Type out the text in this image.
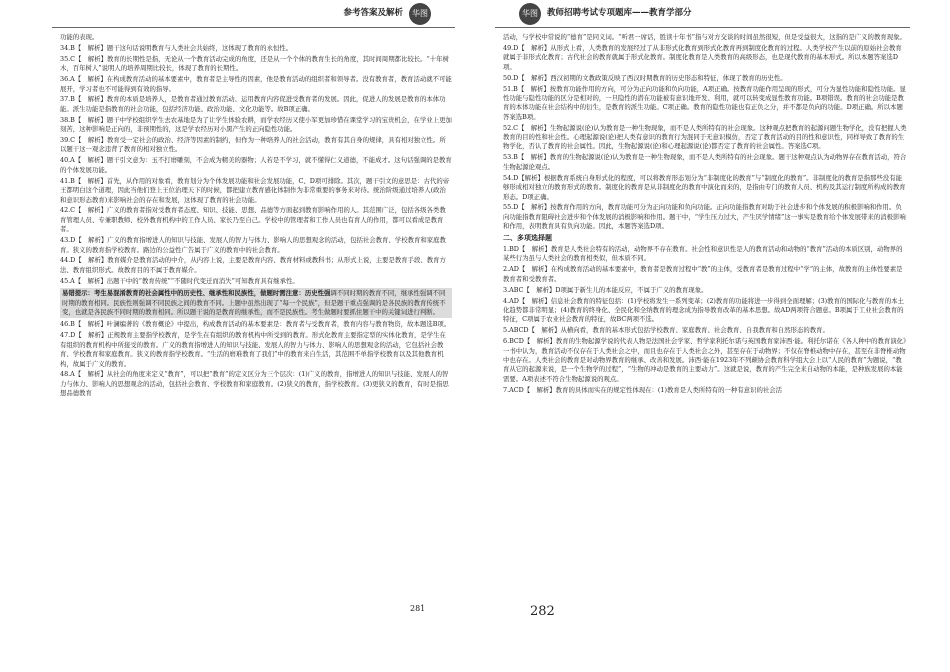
参考答案及解析	华图

功能的表现。

34.B【　解析】题干这句话说明教育与人类社会共始终，这体现了教育的永恒性。

35.C【　解析】教育的长期性是指，无论从一个教育活动完成的角度，还是从一个个体的教育生长的角度，其时间周期都比较长。“十年树木，百年树人”说明人的培养周期比较长，体现了教育的长期性。

36.A【　解析】在构成教育活动的基本要素中，教育者是主导性的因素，他是教育活动的组织者和领导者。没有教育者，教育活动就不可能展开，学习者也不可能得到有效的指导。

37.B【　解析】教育的本质是培养人，是教育者通过教育活动、运用教育内容促进受教育者的发展。因此，促进人的发展是教育的本体功能。派生功能是指教育的社会功能，包括经济功能、政治功能、文化功能等。故B项正确。

38.B【　解析】题干中学校组织学生去农基地是为了让学生体验农耕，而学农经历又使小军更加珍惜在课堂学习的宝贵机会，在学业上更加刻苦，这种影响是正向的，非预期性的，这是学农经历对小黑产生的正向隐性功能。

39.C【　解析】教育受一定社会的政治、经济等因素的制约，但作为一种培养人的社会活动，教育有其自身的规律，具有相对独立性。所以题干这一观念违背了教育的相对独立性。

40.A【　解析】题干引文意为：玉不打磨雕刻，不会成为精美的器物；人若是不学习，就不懂得仁义道德，不能成才。这句话强调的是教育的个体发展功能。

41.B【　解析】首先，从作用的对象看，教育划分为个体发展功能和社会发展功能，C、D项可排除。其次，题干引文的意思是：古代的帝王都明白这个道理，因此当他们登上王位治理天下的时候，都把建立教育感化体制作为非常重要的事务来对待。统治阶级通过培养人(政治和意识形态教育)来影响社会的存在和发展，这体现了教育的社会功能。

42.C【　解析】广义的教育者指对受教育者态度、知识、技能、思想、品德等方面起到教育影响作用的人。其范围广泛，包括各级各类教育管理人员、专兼职教师、校外教育机构中的工作人员、家长乃至自己。学校中的管理者和工作人员也有育人的作用，都可以看成是教育者。

43.D【　解析】广义的教育指增进人的知识与技能、发展人的智力与体力、影响人的思想观念的活动，包括社会教育、学校教育和家庭教育。狭义的教育指学校教育。路边的公益性广告属于广义的教育中的社会教育。

44.D【　解析】教育媒介是教育活动的中介，从内容上说，主要是教育内容、教育材料或教科书；从形式上说，主要是教育手段、教育方法、教育组织形式。故教育目的不属于教育媒介。

45.A【　解析】出题干中的“教育传统”“不随时代变迁而消失”可知教育具有继承性。

易错提示：考生易混淆教育的社会属性中的历史性、继承性和民族性，做题时需注意：历史性强调不同时期的教育不同，继承性强调不同时期的教育相同。民族性则强调不同民族之间的教育不同。上题中虽然出现了“每一个民族”，但是题干重点强调的是各民族的教育传统不变，也就是各民族不同时期的教育相同。所以题干说的是教育的继承性，而不是民族性。考生做题时要抓住题干中的关键词进行判断。

46.B【　解析】叶澜编著的《教育概论》中提出，构成教育活动的基本要素是：教育者与受教育者，教育内容与教育物资，故本题选B项。

47.D【　解析】正规教育主要指学校教育，是学生在有组织的教育机构中所受到的教育。形式化教育主要指定型的实体化教育，是学生在有组织的教育机构中所接受的教育。广义的教育指增进人的知识与技能、发展人的智力与体力、影响人的思想观念的活动，它包括社会教育、学校教育和家庭教育。狭义的教育指学校教育。“生活的磨难教育了我们”中的教育来自生活，其范围不单指学校教育以及其他教育机构，故属于广义的教育。

48.A【　解析】从社会的角度来定义“教育”，可以把“教育”的定义区分为三个层次：(1)广义的教育，指增进人的知识与技能、发展人的智力与体力、影响人的思想观念的活动，包括社会教育、学校教育和家庭教育。(2)狭义的教育，指学校教育。(3)更狭义的教育，有时是指思想品德教育

281
华图	教师招聘考试专项题库——教育学部分

活动，与学校中常说的“德育”是同义词。“听君一席话，胜读十年书”指与对方交谈的时间虽然很短，但是受益很大，这指的是广义的教育现象。

49.D【　解析】从形式上看，人类教育的发展经过了从非形式化教育到形式化教育再到制度化教育的过程。人类学校产生以前的原始社会教育就属于非形式化教育；古代社会的教育就属于形式化教育。制度化教育是人类教育的高级形态，也是现代教育的基本形式。所以本题答案选D项。

50.D【　解析】西汉初期的文教政策反映了西汉时期教育的历史形态和特征，体现了教育的历史性。

51.B【　解析】按教育功能作用的方向，可分为正向功能和负向功能，A项正确。按教育功能作用呈现的形式，可分为显性功能和隐性功能。显性功能与隐性功能的区分是相对的，一旦隐性的潜在功能被有意识地开发、利用，就可以转变成显性教育功能。B项错误。教育的社会功能是教育的本体功能在社会结构中的衍生，是教育的派生功能。C项正确。教育的隐性功能也有正负之分，并不都是负向的功能。D项正确。所以本题答案选B项。

52.C【　解析】生物起源说(论)认为教育是一种生物现象，而不是人类所特有的社会现象。这种观点把教育的起源问题生物学化，没有把握人类教育的目的性和社会性。心理起源说(论)把人类有意识的教育行为混同于无意识模仿，否定了教育活动的目的性和意识性，同样导致了教育的生物学化，否认了教育的社会属性。因此，生物起源说(论)和心理起源说(论)都否定了教育的社会属性。答案选C项。

53.B【　解析】教育的生物起源说(论)认为教育是一种生物现象，而不是人类所特有的社会现象。题干这种观点认为动物界存在教育活动，符合生物起源论观点。

54.D【解析】根据教育系统自身形式化的程度，可以将教育形态划分为“非制度化的教育”与“制度化的教育”。非制度化的教育是指那些没有能够形成相对独立的教育形式的教育。制度化的教育是从非制度化的教育中演化而来的，是指由专门的教育人员、机构及其运行制度所构成的教育形态。D项正确。

55.D【　解析】按教育作用的方向，教育功能可分为正向功能和负向功能。正向功能指教育对助于社会进步和个体发展的积极影响和作用。负向功能指教育阻碍社会进步和个体发展的消极影响和作用。题干中，“学生压力过大，产生厌学情绪”这一事实是教育给个体发展带来的消极影响和作用，表明教育具有负向功能。因此，本题答案选D项。

二、多项选择题

1.BD【　解析】教育是人类社会特有的活动，动物界不存在教育。社会性和意识性是人的教育活动和动物的“教育”活动的本质区别，动物界的某些行为虽与人类社会的教育相类似，但本质不同。

2.AD【　解析】在构成教育活动的基本要素中，教育者是教育过程中“教”的主体，受教育者是教育过程中“学”的主体，故教育的主体性要素是教育者和受教育者。

3.ABC【　解析】D项属于新生儿的本能反应，不属于广义的教育现象。

4.AD【　解析】信息社会教育的特征包括：(1)学校将发生一系列变革；(2)教育的功能将进一步得到全面理解；(3)教育的国际化与教育的本土化趋势都非常明显；(4)教育的终身化、全民化和全纳教育的理念成为指导教育改革的基本思想。故AD两项符合题意。B项属于工业社会教育的特征，C项属于农业社会教育的特征，故BC两项不选。

5.ABCD【　解析】从横向看，教育的基本形式包括学校教育、家庭教育、社会教育、自我教育和自然形态的教育。

6.BCD【　解析】教育的生物起源学说的代表人物是法国社会学家、哲学家利托尔诺与英国教育家沛西·能。利托尔诺在《各人种中的教育演化》一书中认为，教育活动不仅存在于人类社会之中，而且也存在于人类社会之外，甚至存在于动物界；不仅在脊椎动物中存在，甚至在非脊椎动物中也存在。人类社会的教育是对动物界教育的继承、改善和发展。沛西·能在1923年不列颠协会教育科学组大会上以“人民的教育”为题说，“教育从它的起源来说，是一个生物学的过程”，“生物的冲动是教育的主要动力”。这就是说，教育的产生完全来自动物的本能，是种族发展的本能需要。A项表述不符合生物起源说的观点。

7.ACD【　解析】教育的具体而实在的规定性体现在：(1)教育是人类所特有的一种有意识的社会活

282
